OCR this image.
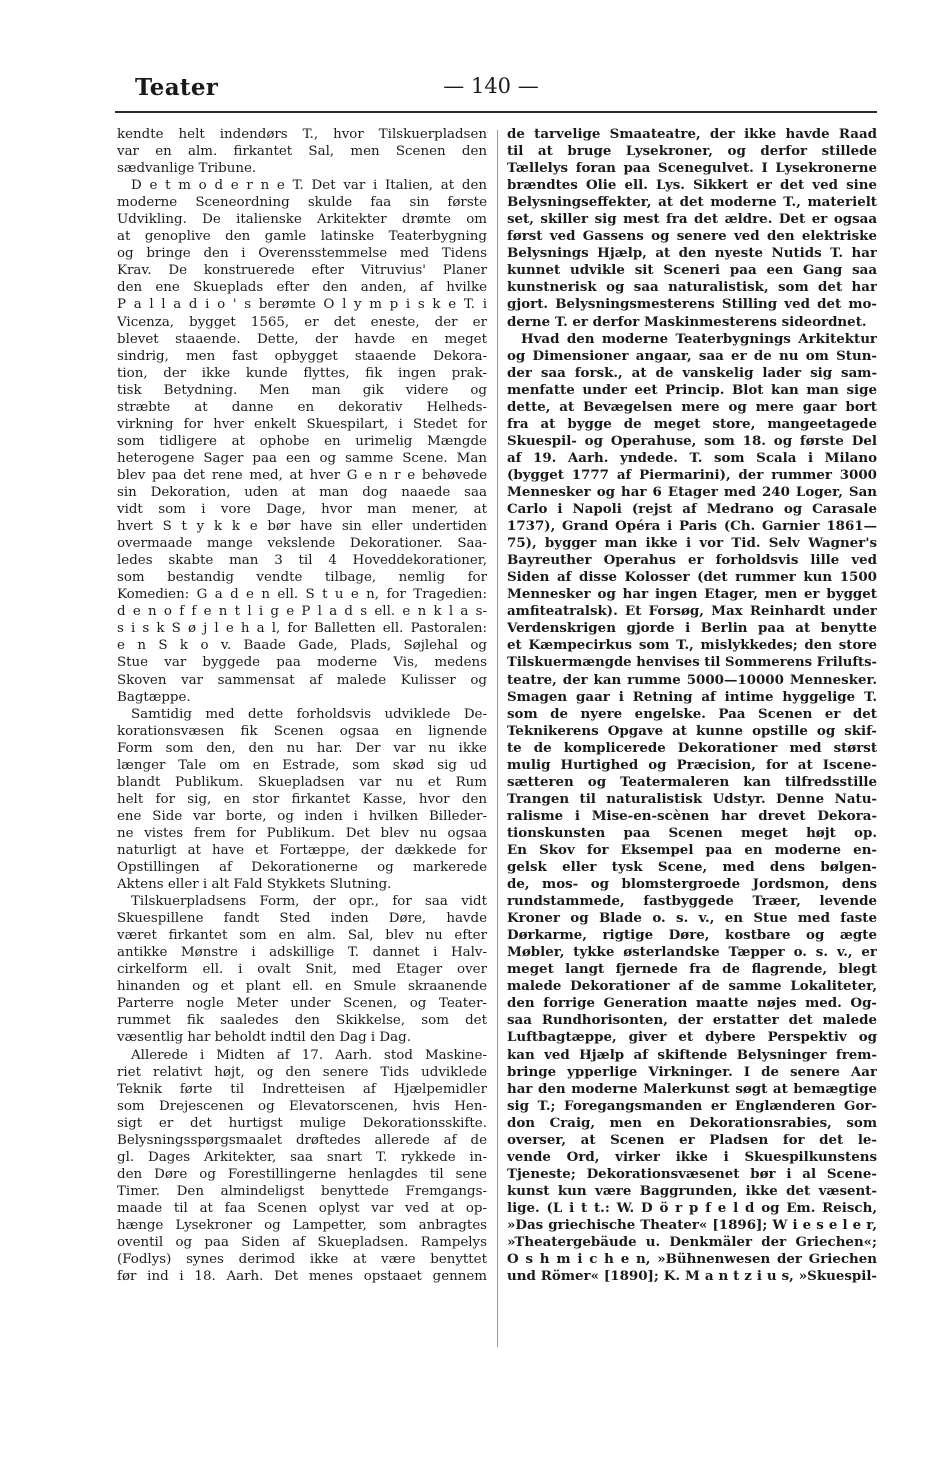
Teater	— 140 —
kendte helt indendørs T., hvor Tilskuerpladsen
var en alm. firkantet Sal, men Scenen den
sædvanlige Tribune.
D e t m o d e r n e T. Det var i Italien, at den
moderne Sceneordning skulde faa sin første
Udvikling. De italienske Arkitekter drømte om
at genoplive den gamle latinske Teaterbygning
og bringe den i Overensstemmelse med Tidens
Krav. De konstruerede efter Vitruvius' Planer
den ene Skueplads efter den anden, af hvilke
P a l l a d i o ' s berømte O l y m p i s k e T. i
Vicenza, bygget 1565, er det eneste, der er
blevet staaende. Dette, der havde en meget
sindrig, men fast opbygget staaende Dekora-
tion, der ikke kunde flyttes, fik ingen prak-
tisk Betydning. Men man gik videre og
stræbte at danne en dekorativ Helheds-
virkning for hver enkelt Skuespilart, i Stedet for
som tidligere at ophobe en urimelig Mængde
heterogene Sager paa een og samme Scene. Man
blev paa det rene med, at hver G e n r e behøvede
sin Dekoration, uden at man dog naaede saa
vidt som i vore Dage, hvor man mener, at
hvert S t y k k e bør have sin eller undertiden
overmaade mange vekslende Dekorationer. Saa-
ledes skabte man 3 til 4 Hoveddekorationer,
som bestandig vendte tilbage, nemlig for
Komedien: G a d e n ell. S t u e n, for Tragedien:
d e n o f f e n t l i g e P l a d s ell. e n k l a s-
s i s k S ø j l e h a l, for Balletten ell. Pastoralen:
e n S k o v. Baade Gade, Plads, Søjlehal og
Stue var byggede paa moderne Vis, medens
Skoven var sammensat af malede Kulisser og
Bagtæppe.
Samtidig med dette forholdsvis udviklede De-
korationsvæsen fik Scenen ogsaa en lignende
Form som den, den nu har. Der var nu ikke
længer Tale om en Estrade, som skød sig ud
blandt Publikum. Skuepladsen var nu et Rum
helt for sig, en stor firkantet Kasse, hvor den
ene Side var borte, og inden i hvilken Billeder-
ne vistes frem for Publikum. Det blev nu ogsaa
naturligt at have et Fortæppe, der dækkede for
Opstillingen af Dekorationerne og markerede
Aktens eller i alt Fald Stykkets Slutning.
Tilskuerpladsens Form, der opr., for saa vidt
Skuespillene fandt Sted inden Døre, havde
været firkantet som en alm. Sal, blev nu efter
antikke Mønstre i adskillige T. dannet i Halv-
cirkelform ell. i ovalt Snit, med Etager over
hinanden og et plant ell. en Smule skraanende
Parterre nogle Meter under Scenen, og Teater-
rummet fik saaledes den Skikkelse, som det
væsentlig har beholdt indtil den Dag i Dag.
Allerede i Midten af 17. Aarh. stod Maskine-
riet relativt højt, og den senere Tids udviklede
Teknik førte til Indretteisen af Hjælpemidler
som Drejescenen og Elevatorscenen, hvis Hen-
sigt er det hurtigst mulige Dekorationsskifte.
Belysningsspørgsmaalet drøftedes allerede af de
gl. Dages Arkitekter, saa snart T. rykkede in-
den Døre og Forestillingerne henlagdes til sene
Timer. Den almindeligst benyttede Fremgangs-
maade til at faa Scenen oplyst var ved at op-
hænge Lysekroner og Lampetter, som anbragtes
oventil og paa Siden af Skuepladsen. Rampelys
(Fodlys) synes derimod ikke at være benyttet
før ind i 18. Aarh. Det menes opstaaet gennem
de tarvelige Smaateatre, der ikke havde Raad
til at bruge Lysekroner, og derfor stillede
Tællelys foran paa Scenegulvet. I Lysekronerne
brændtes Olie ell. Lys. Sikkert er det ved sine
Belysningseffekter, at det moderne T., materielt
set, skiller sig mest fra det ældre. Det er ogsaa
først ved Gassens og senere ved den elektriske
Belysnings Hjælp, at den nyeste Nutids T. har
kunnet udvikle sit Sceneri paa een Gang saa
kunstnerisk og saa naturalistisk, som det har
gjort. Belysningsmesterens Stilling ved det mo-
derne T. er derfor Maskinmesterens sideordnet.
Hvad den moderne Teaterbygnings Arkitektur
og Dimensioner angaar, saa er de nu om Stun-
der saa forsk., at de vanskelig lader sig sam-
menfatte under eet Princip. Blot kan man sige
dette, at Bevægelsen mere og mere gaar bort
fra at bygge de meget store, mangeetagede
Skuespil- og Operahuse, som 18. og første Del
af 19. Aarh. yndede. T. som Scala i Milano
(bygget 1777 af Piermarini), der rummer 3000
Mennesker og har 6 Etager med 240 Loger, San
Carlo i Napoli (rejst af Medrano og Carasale
1737), Grand Opéra i Paris (Ch. Garnier 1861—
75), bygger man ikke i vor Tid. Selv Wagner's
Bayreuther Operahus er forholdsvis lille ved
Siden af disse Kolosser (det rummer kun 1500
Mennesker og har ingen Etager, men er bygget
amfiteatralsk). Et Forsøg, Max Reinhardt under
Verdenskrigen gjorde i Berlin paa at benytte
et Kæmpecirkus som T., mislykkedes; den store
Tilskuermængde henvises til Sommerens Frilufts-
teatre, der kan rumme 5000—10000 Mennesker.
Smagen gaar i Retning af intime hyggelige T.
som de nyere engelske. Paa Scenen er det
Teknikerens Opgave at kunne opstille og skif-
te de komplicerede Dekorationer med størst
mulig Hurtighed og Præcision, for at Iscene-
sætteren og Teatermaleren kan tilfredsstille
Trangen til naturalistisk Udstyr. Denne Natu-
ralisme i Mise-en-scènen har drevet Dekora-
tionskunsten paa Scenen meget højt op.
En Skov for Eksempel paa en moderne en-
gelsk eller tysk Scene, med dens bølgen-
de, mos- og blomstergroede Jordsmon, dens
rundstammede, fastbyggede Træer, levende
Kroner og Blade o. s. v., en Stue med faste
Dørkarme, rigtige Døre, kostbare og ægte
Møbler, tykke østerlandske Tæpper o. s. v., er
meget langt fjernede fra de flagrende, blegt
malede Dekorationer af de samme Lokaliteter,
den forrige Generation maatte nøjes med. Og-
saa Rundhorisonten, der erstatter det malede
Luftbagtæppe, giver et dybere Perspektiv og
kan ved Hjælp af skiftende Belysninger frem-
bringe ypperlige Virkninger. I de senere Aar
har den moderne Malerkunst søgt at bemægtige
sig T.; Foregangsmanden er Englænderen Gor-
don Craig, men en Dekorationsrabies, som
overser, at Scenen er Pladsen for det le-
vende Ord, virker ikke i Skuespilkunstens
Tjeneste; Dekorationsvæsenet bør i al Scene-
kunst kun være Baggrunden, ikke det væsent-
lige. (L i t t.: W. D ö r p f e l d og Em. Reisch,
»Das griechische Theater« [1896]; W i e s e l e r,
»Theatergebäude u. Denkmäler der Griechen«;
O s h m i c h e n, »Bühnenwesen der Griechen
und Römer« [1890]; K. M a n t z i u s, »Skuespil-
